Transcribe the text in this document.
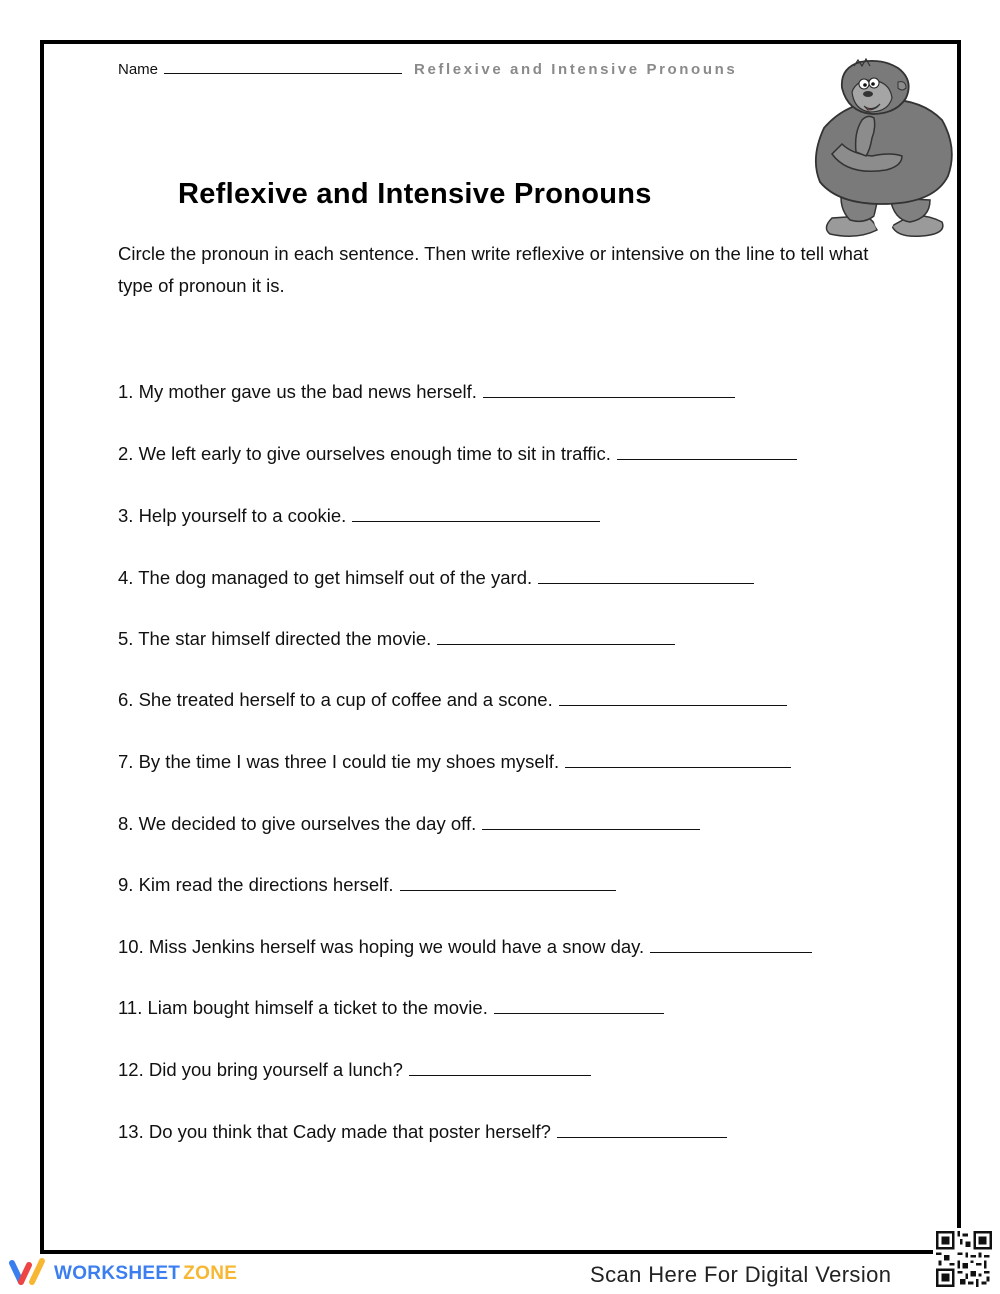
Name	Reflexive and Intensive Pronouns
Reflexive and Intensive Pronouns
Circle the pronoun in each sentence. Then write reflexive or intensive on the line to tell what type of pronoun it is.
1. My mother gave us the bad news herself.
2. We left early to give ourselves enough time to sit in traffic.
3. Help yourself to a cookie.
4. The dog managed to get himself out of the yard.
5. The star himself directed the movie.
6. She treated herself to a cup of coffee and a scone.
7. By the time I was three I could tie my shoes myself.
8. We decided to give ourselves the day off.
9. Kim read the directions herself.
10. Miss Jenkins herself was hoping we would have a snow day.
11. Liam bought himself a ticket to the movie.
12. Did you bring yourself a lunch?
13. Do you think that Cady made that poster herself?
WORKSHEET ZONE	Scan Here For Digital Version
